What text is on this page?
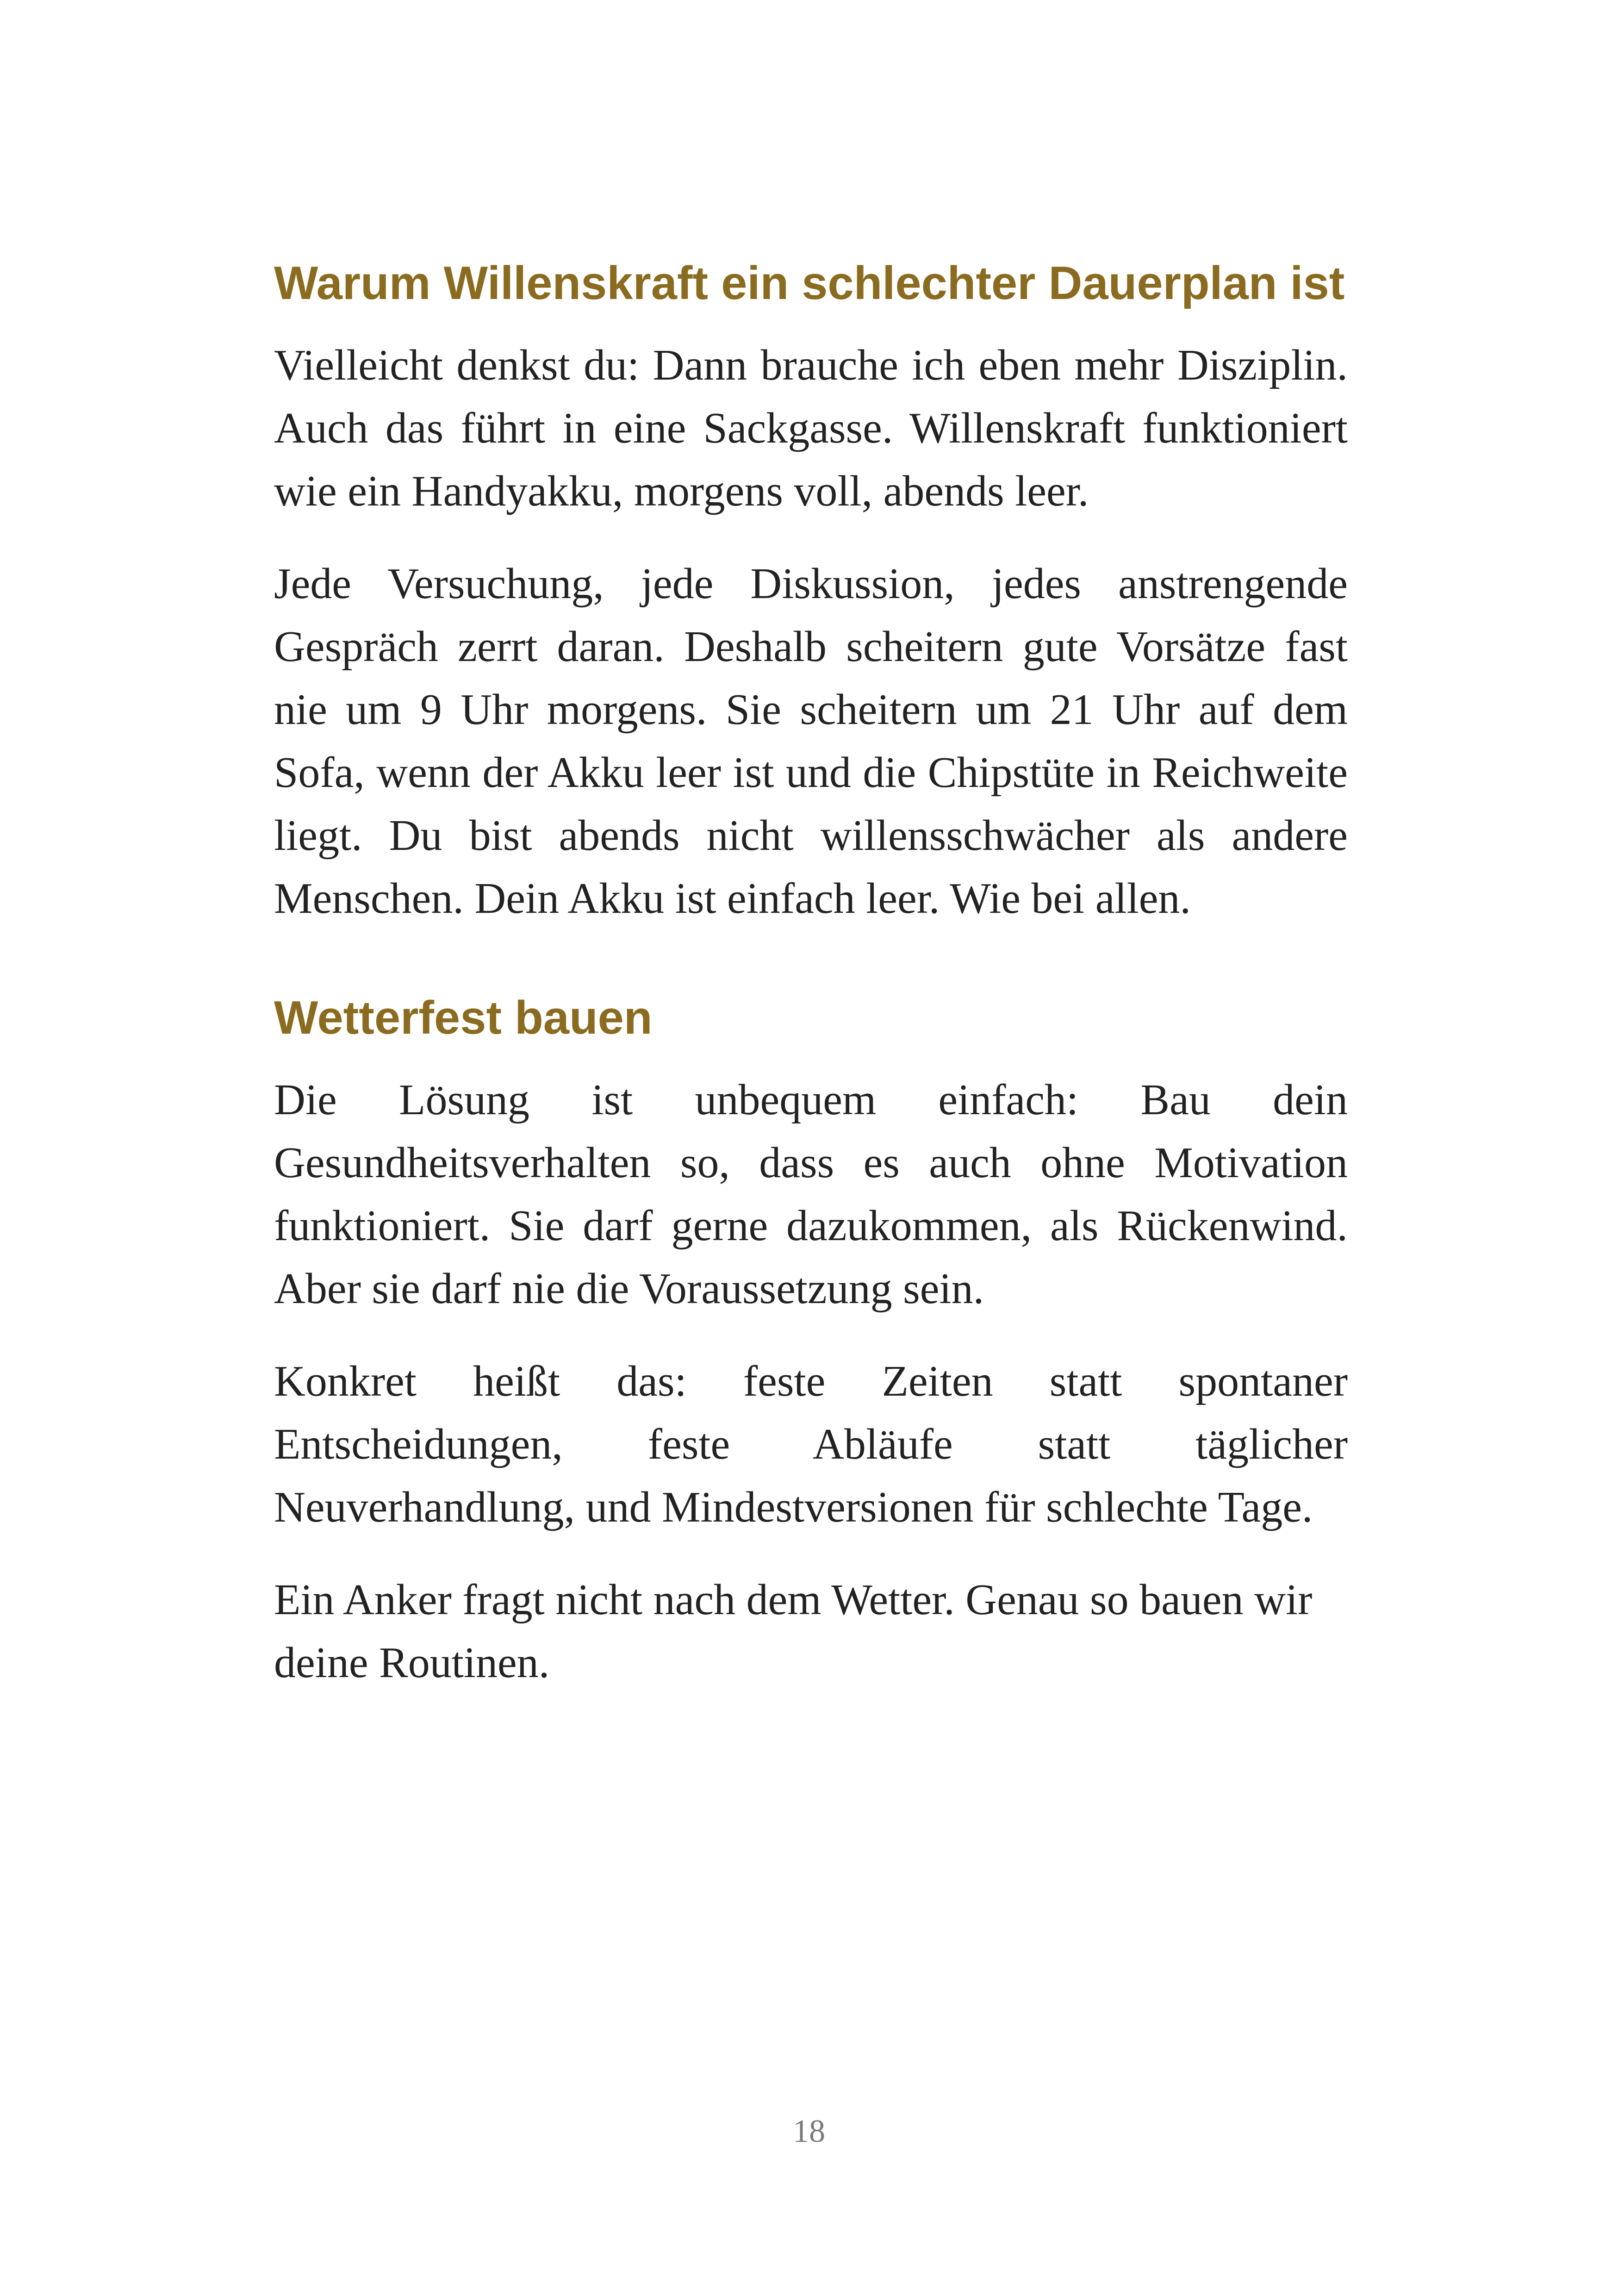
Warum Willenskraft ein schlechter Dauerplan ist

Vielleicht denkst du: Dann brauche ich eben mehr Disziplin. Auch das führt in eine Sackgasse. Willenskraft funktioniert wie ein Handyakku, morgens voll, abends leer.

Jede Versuchung, jede Diskussion, jedes anstrengende Gespräch zerrt daran. Deshalb scheitern gute Vorsätze fast nie um 9 Uhr morgens. Sie scheitern um 21 Uhr auf dem Sofa, wenn der Akku leer ist und die Chipstüte in Reichweite liegt. Du bist abends nicht willensschwächer als andere Menschen. Dein Akku ist einfach leer. Wie bei allen.

Wetterfest bauen

Die Lösung ist unbequem einfach: Bau dein Gesundheitsverhalten so, dass es auch ohne Motivation funktioniert. Sie darf gerne dazukommen, als Rückenwind. Aber sie darf nie die Voraussetzung sein.

Konkret heißt das: feste Zeiten statt spontaner Entscheidungen, feste Abläufe statt täglicher Neuverhandlung, und Mindestversionen für schlechte Tage.

Ein Anker fragt nicht nach dem Wetter. Genau so bauen wir deine Routinen.

18
